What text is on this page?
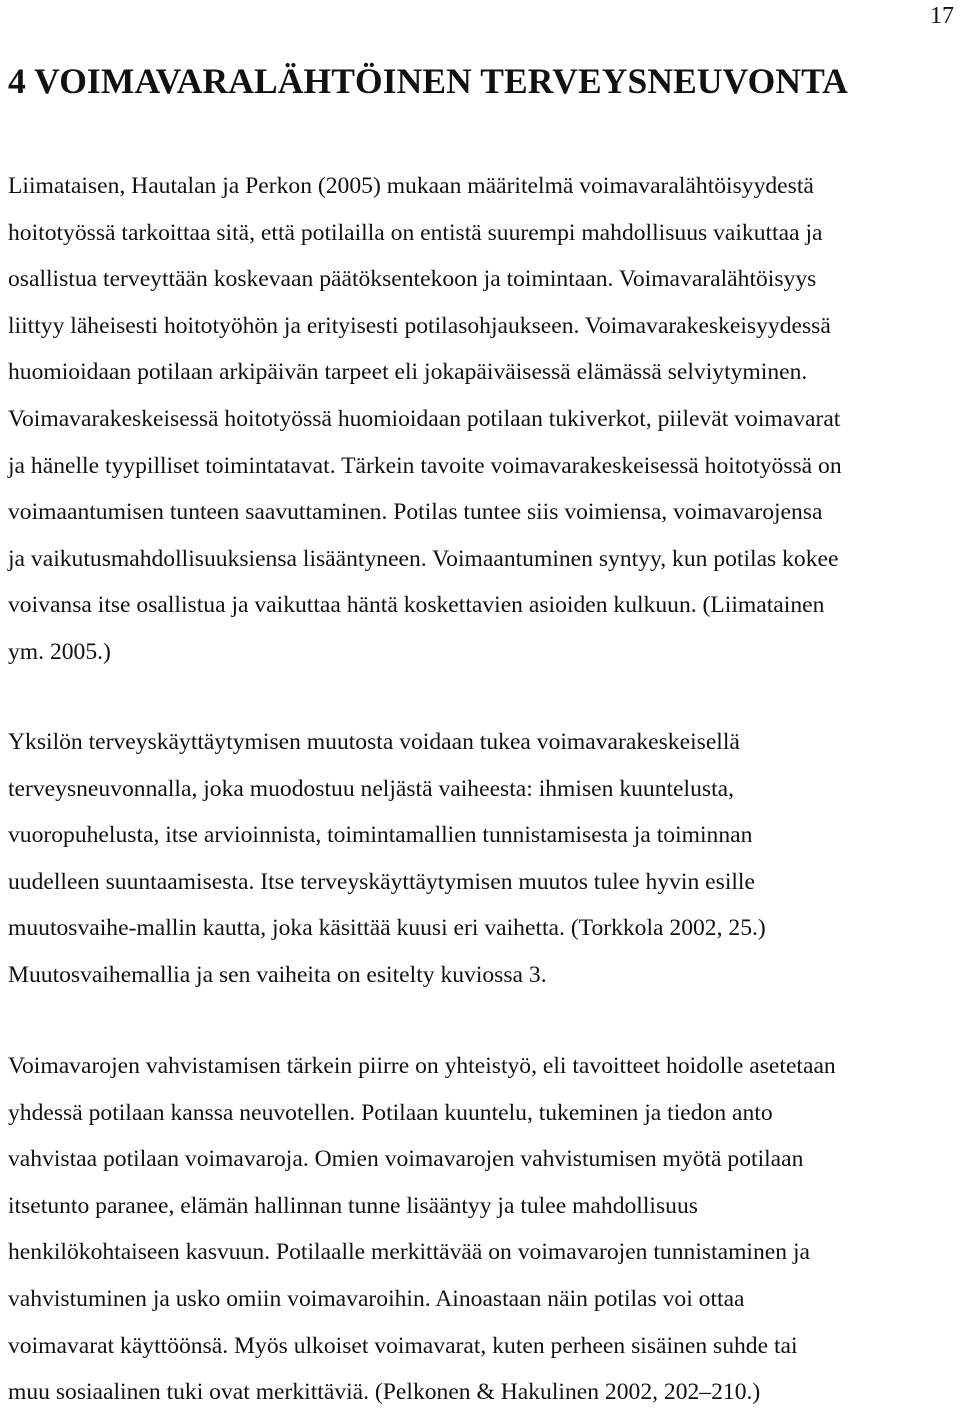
17
4 VOIMAVARALÄHTÖINEN TERVEYSNEUVONTA
Liimataisen, Hautalan ja Perkon (2005) mukaan määritelmä voimavaralähtöisyydestä
hoitotyössä tarkoittaa sitä, että potilailla on entistä suurempi mahdollisuus vaikuttaa ja
osallistua terveyttään koskevaan päätöksentekoon ja toimintaan. Voimavaralähtöisyys
liittyy läheisesti hoitotyöhön ja erityisesti potilasohjaukseen. Voimavarakeskeisyydessä
huomioidaan potilaan arkipäivän tarpeet eli jokapäiväisessä elämässä selviytyminen.
Voimavarakeskeisessä hoitotyössä huomioidaan potilaan tukiverkot, piilevät voimavarat
ja hänelle tyypilliset toimintatavat. Tärkein tavoite voimavarakeskeisessä hoitotyössä on
voimaantumisen tunteen saavuttaminen. Potilas tuntee siis voimiensa, voimavarojensa
ja vaikutusmahdollisuuksiensa lisääntyneen. Voimaantuminen syntyy, kun potilas kokee
voivansa itse osallistua ja vaikuttaa häntä koskettavien asioiden kulkuun. (Liimatainen
ym. 2005.)
Yksilön terveyskäyttäytymisen muutosta voidaan tukea voimavarakeskeisellä
terveysneuvonnalla, joka muodostuu neljästä vaiheesta: ihmisen kuuntelusta,
vuoropuhelusta, itse arvioinnista, toimintamallien tunnistamisesta ja toiminnan
uudelleen suuntaamisesta. Itse terveyskäyttäytymisen muutos tulee hyvin esille
muutosvaihe-mallin kautta, joka käsittää kuusi eri vaihetta. (Torkkola 2002, 25.)
Muutosvaihemallia ja sen vaiheita on esitelty kuviossa 3.
Voimavarojen vahvistamisen tärkein piirre on yhteistyö, eli tavoitteet hoidolle asetetaan
yhdessä potilaan kanssa neuvotellen. Potilaan kuuntelu, tukeminen ja tiedon anto
vahvistaa potilaan voimavaroja. Omien voimavarojen vahvistumisen myötä potilaan
itsetunto paranee, elämän hallinnan tunne lisääntyy ja tulee mahdollisuus
henkilökohtaiseen kasvuun. Potilaalle merkittävää on voimavarojen tunnistaminen ja
vahvistuminen ja usko omiin voimavaroihin. Ainoastaan näin potilas voi ottaa
voimavarat käyttöönsä. Myös ulkoiset voimavarat, kuten perheen sisäinen suhde tai
muu sosiaalinen tuki ovat merkittäviä. (Pelkonen & Hakulinen 2002, 202–210.)
